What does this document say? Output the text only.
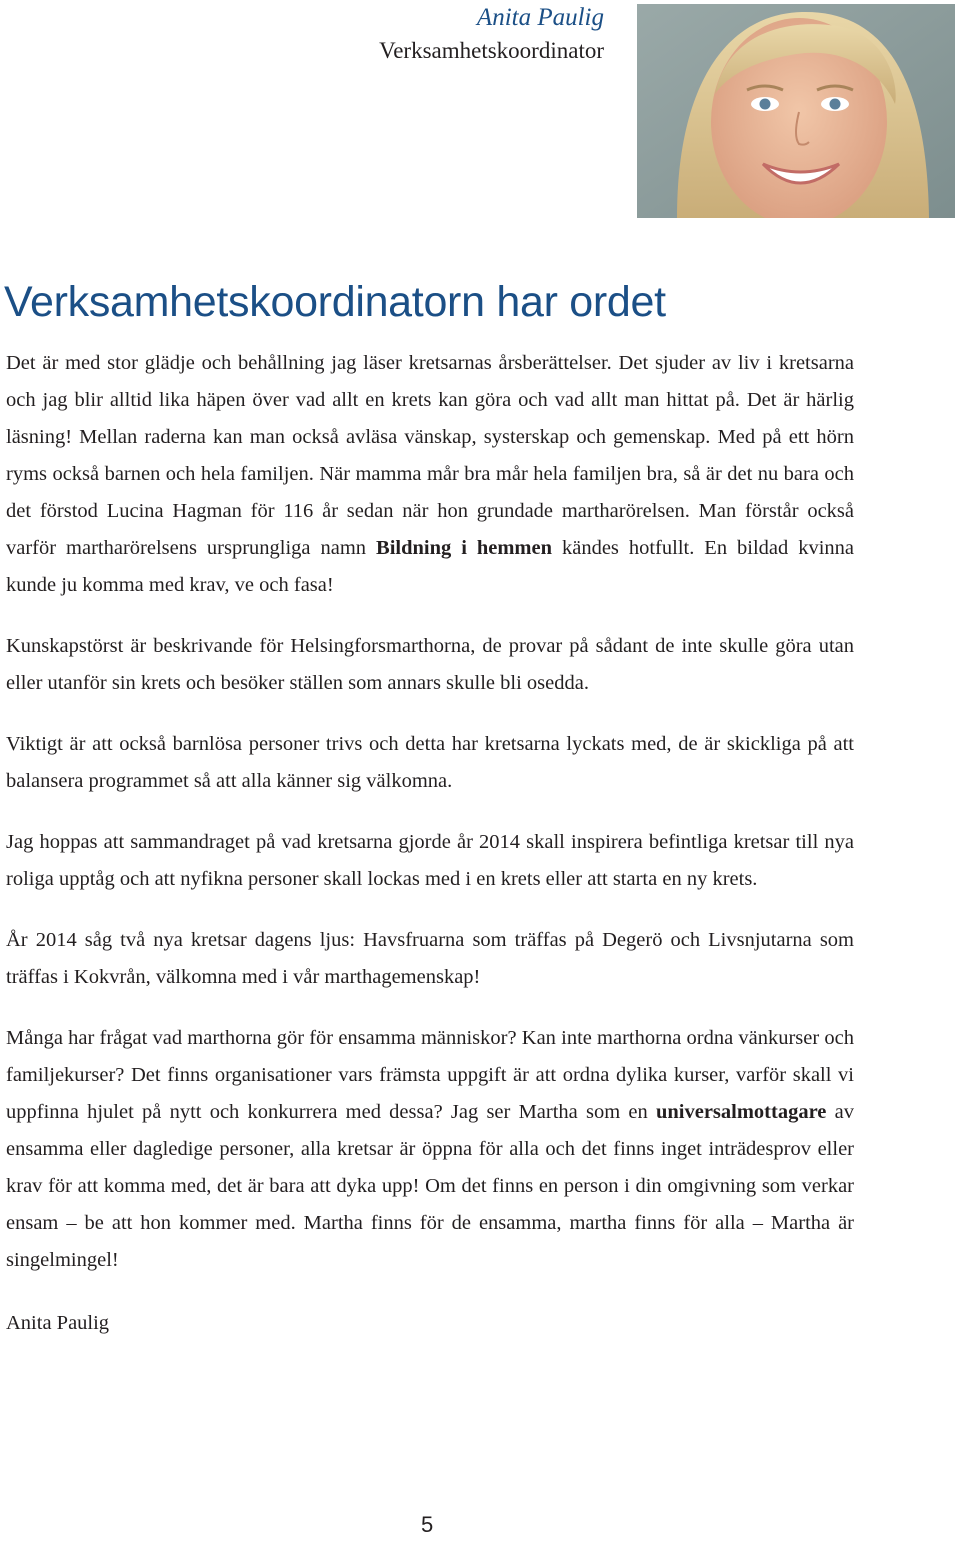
Anita Paulig
Verksamhetskoordinator
Verksamhetskoordinatorn har ordet

Det är med stor glädje och behållning jag läser kretsarnas årsberättelser. Det sjuder av liv i kretsarna och jag blir alltid lika häpen över vad allt en krets kan göra och vad allt man hittat på. Det är härlig läsning! Mellan raderna kan man också avläsa vänskap, systerskap och gemenskap. Med på ett hörn ryms också barnen och hela familjen. När mamma mår bra mår hela familjen bra, så är det nu bara och det förstod Lucina Hagman för 116 år sedan när hon grundade martharörelsen. Man förstår också varför martharörelsens ursprungliga namn Bildning i hemmen kändes hotfullt. En bildad kvinna kunde ju komma med krav, ve och fasa!

Kunskapstörst är beskrivande för Helsingforsmarthorna, de provar på sådant de inte skulle göra utan eller utanför sin krets och besöker ställen som annars skulle bli osedda.

Viktigt är att också barnlösa personer trivs och detta har kretsarna lyckats med, de är skickliga på att balansera programmet så att alla känner sig välkomna.

Jag hoppas att sammandraget på vad kretsarna gjorde år 2014 skall inspirera befintliga kretsar till nya roliga upptåg och att nyfikna personer skall lockas med i en krets eller att starta en ny krets.

År 2014 såg två nya kretsar dagens ljus: Havsfruarna som träffas på Degerö och Livsnjutarna som träffas i Kokvrån, välkomna med i vår marthagemenskap!

Många har frågat vad marthorna gör för ensamma människor? Kan inte marthorna ordna vänkurser och familjekurser? Det finns organisationer vars främsta uppgift är att ordna dylika kurser, varför skall vi uppfinna hjulet på nytt och konkurrera med dessa? Jag ser Martha som en universalmottagare av ensamma eller dagledige personer, alla kretsar är öppna för alla och det finns inget inträdesprov eller krav för att komma med, det är bara att dyka upp! Om det finns en person i din omgivning som verkar ensam – be att hon kommer med. Martha finns för de ensamma, martha finns för alla – Martha är singelmingel!

Anita Paulig

5
